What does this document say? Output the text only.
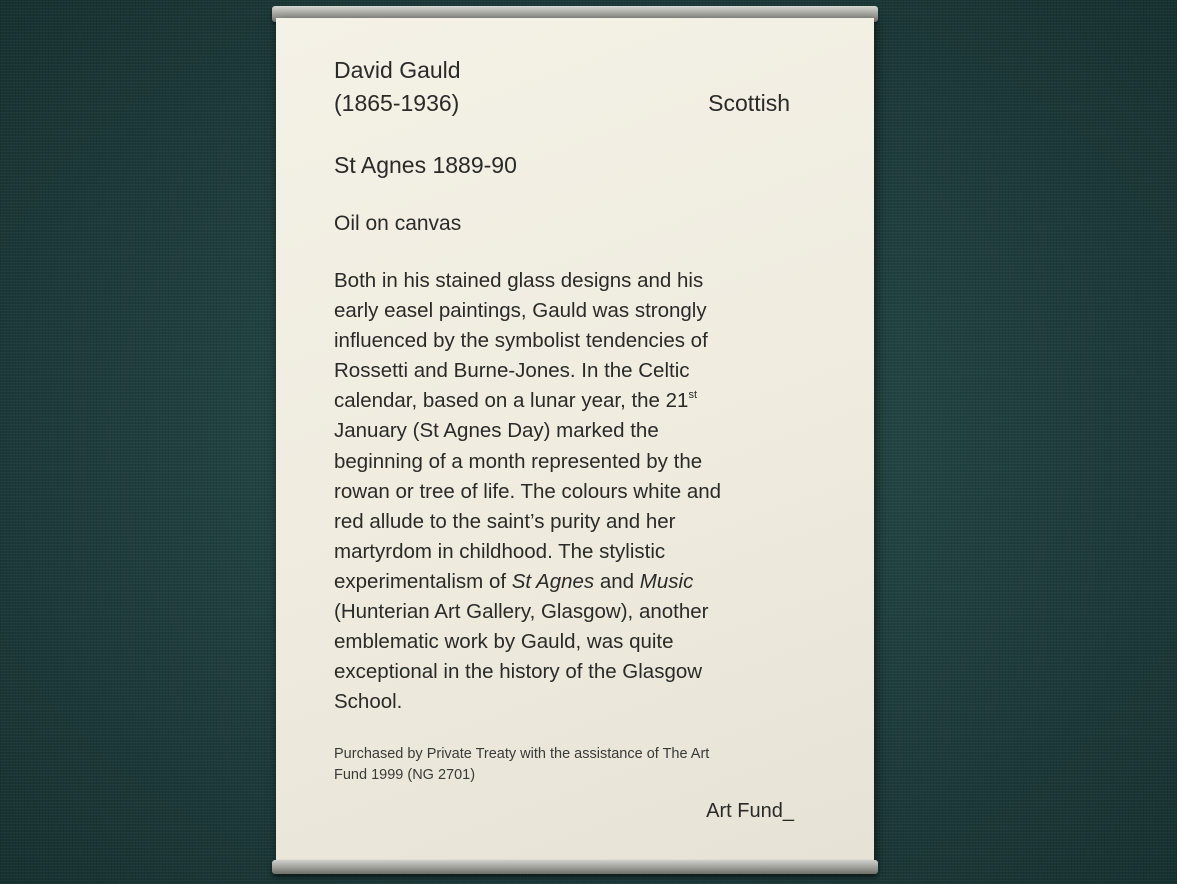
David Gauld
(1865-1936)	Scottish
St Agnes 1889-90
Oil on canvas
Both in his stained glass designs and his
early easel paintings, Gauld was strongly
influenced by the symbolist tendencies of
Rossetti and Burne-Jones. In the Celtic
calendar, based on a lunar year, the 21st
January (St Agnes Day) marked the
beginning of a month represented by the
rowan or tree of life. The colours white and
red allude to the saint’s purity and her
martyrdom in childhood. The stylistic
experimentalism of St Agnes and Music
(Hunterian Art Gallery, Glasgow), another
emblematic work by Gauld, was quite
exceptional in the history of the Glasgow
School.
Purchased by Private Treaty with the assistance of The Art
Fund 1999 (NG 2701)
Art Fund_
